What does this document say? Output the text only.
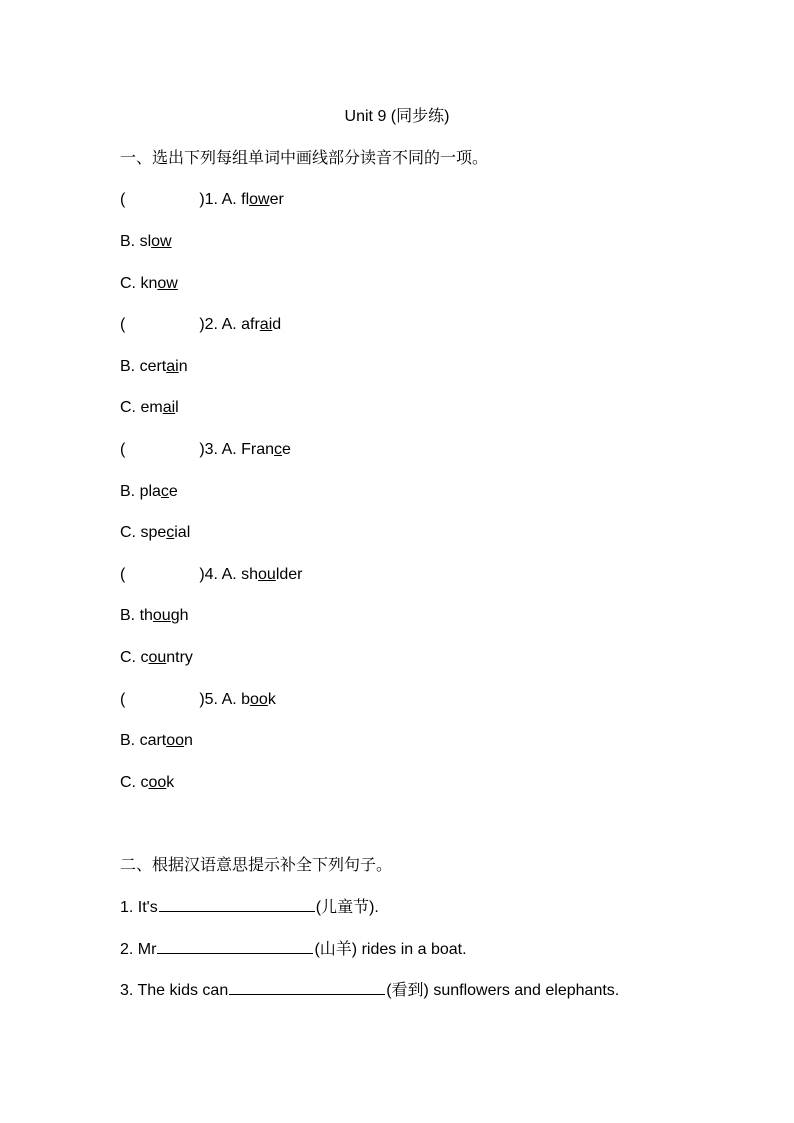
Unit 9 (同步练)
一、选出下列每组单词中画线部分读音不同的一项。
(	)1. A. flower
B. slow
C. know
(	)2. A. afraid
B. certain
C. email
(	)3. A. France
B. place
C. special
(	)4. A. shoulder
B. though
C. country
(	)5. A. book
B. cartoon
C. cook
二、根据汉语意思提示补全下列句子。
1. It's	(儿童节).
2. Mr	(山羊) rides in a boat.
3. The kids can	(看到) sunflowers and elephants.
